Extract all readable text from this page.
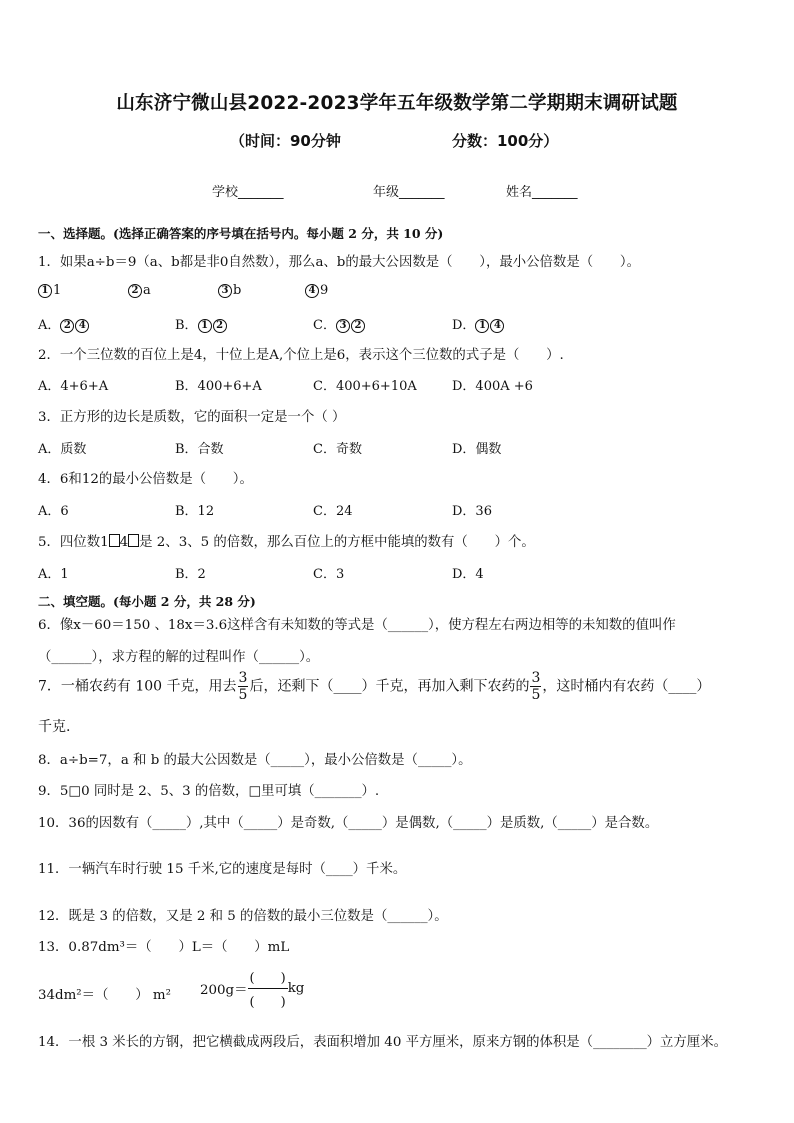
山东济宁微山县2022-2023学年五年级数学第二学期期末调研试题
（时间：90分钟	分数：100分）
学校_______	年级_______	姓名_______
一、选择题。(选择正确答案的序号填在括号内。每小题 2 分，共 10 分)
1．如果a÷b＝9（a、b都是非0自然数），那么a、b的最大公因数是（　　），最小公倍数是（　　）。
1 1	2 a	3 b	4 9
A． 2 4	B． 1 2	C． 3 2	D． 1 4
2．一个三位数的百位上是4，十位上是A,个位上是6，表示这个三位数的式子是（　　）.
A．4+6+A	B．400+6+A	C．400+6+10A	D．400A +6
3．正方形的边长是质数，它的面积一定是一个（ ）
A．质数	B．合数	C．奇数	D．偶数
4．6和12的最小公倍数是（　　）。
A．6	B．12	C．24	D．36
5．四位数1 4 是 2、3、5 的倍数，那么百位上的方框中能填的数有（　　）个。
A．1	B．2	C．3	D．4
二、填空题。(每小题 2 分，共 28 分)
6．像x－60＝150 、18x＝3.6这样含有未知数的等式是（______），使方程左右两边相等的未知数的值叫作
（______），求方程的解的过程叫作（______）。
7．一桶农药有 100 千克，用去 $\frac{3}{5}$ 后，还剩下（____）千克，再加入剩下农药的 $\frac{3}{5}$ ，这时桶内有农药（____）
千克.
8．a÷b=7，a 和 b 的最大公因数是（_____），最小公倍数是（_____）。
9．5□0 同时是 2、5、3 的倍数，□里可填（_______）.
10．36的因数有（_____）,其中（_____）是奇数,（_____）是偶数,（_____）是质数,（_____）是合数。
11．一辆汽车时行驶 15 千米,它的速度是每时（____）千米。
12．既是 3 的倍数，又是 2 和 5 的倍数的最小三位数是（______）。
13．0.87dm³＝（　　）L＝（　　）mL
34dm²＝（　　） m² $200g= \frac{( )}{( )}$ kg
14．一根 3 米长的方钢，把它横截成两段后，表面积增加 40 平方厘米，原来方钢的体积是（________）立方厘米。
